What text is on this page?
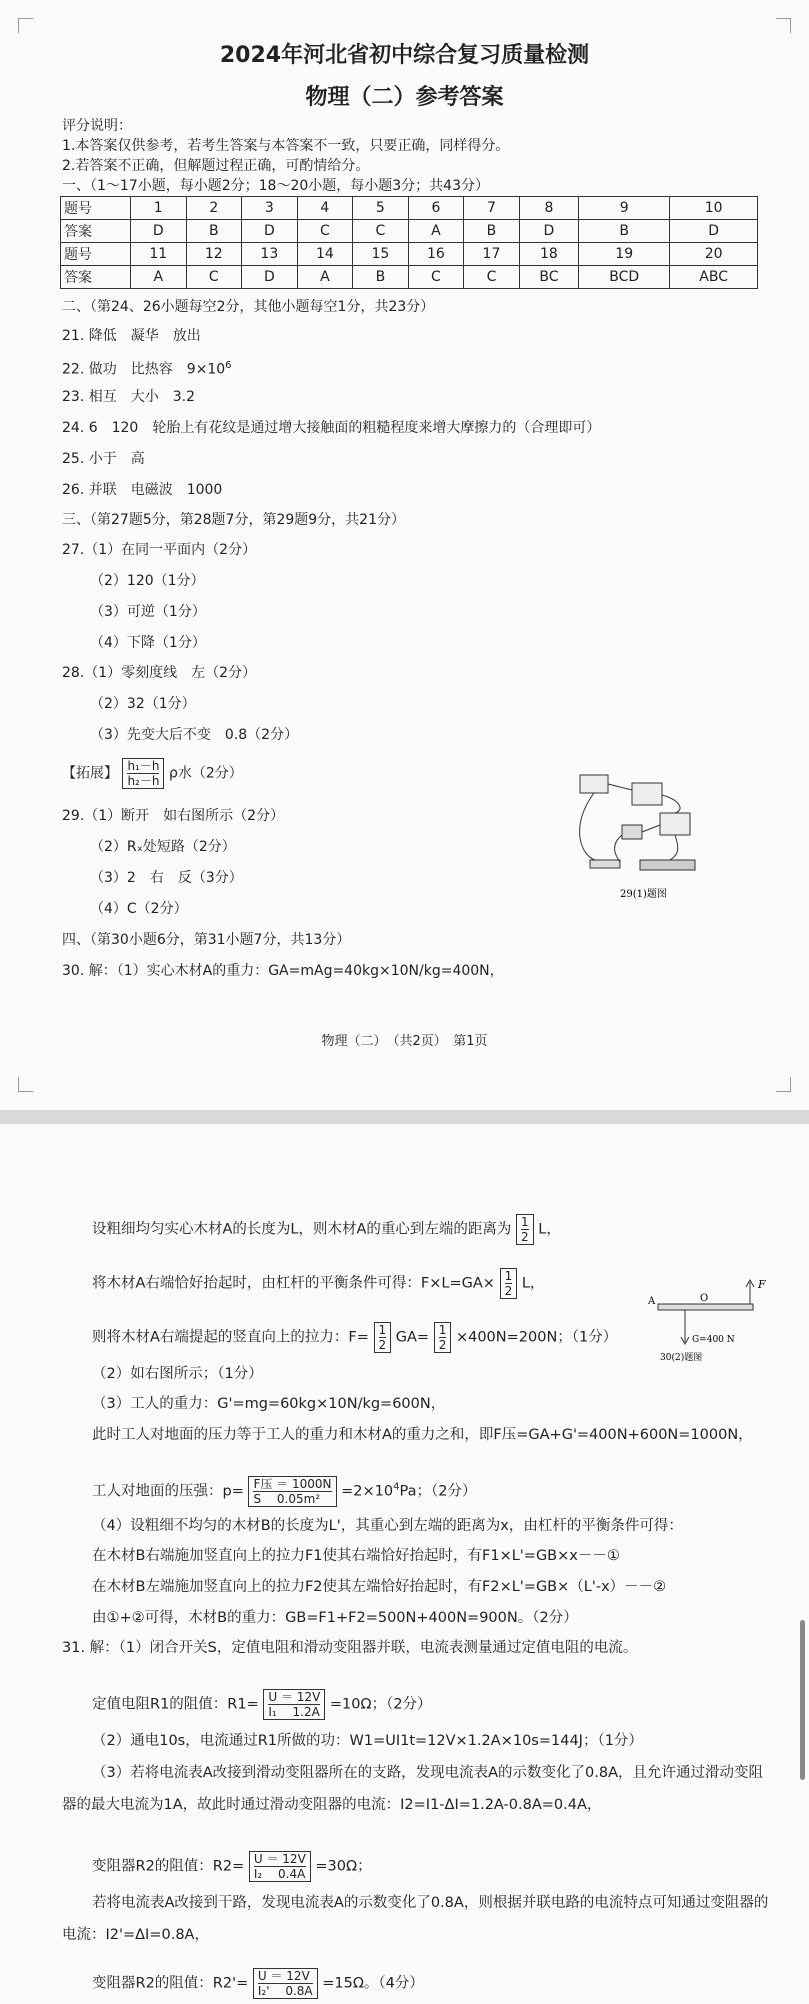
2024年河北省初中综合复习质量检测
物理（二）参考答案
评分说明：
1.本答案仅供参考，若考生答案与本答案不一致，只要正确，同样得分。
2.若答案不正确，但解题过程正确，可酌情给分。
一、（1～17小题，每小题2分；18～20小题，每小题3分；共43分）
题号	1	2	3	4	5	6	7	8	9	10
答案	D	B	D	C	C	A	B	D	B	D
题号	11	12	13	14	15	16	17	18	19	20
答案	A	C	D	A	B	C	C	BC	BCD	ABC
二、（第24、26小题每空2分，其他小题每空1分，共23分）
21. 降低　凝华　放出
22. 做功　比热容　$9\times 10^6$
23. 相互　大小　3.2
24. 6　120　轮胎上有花纹是通过增大接触面的粗糙程度来增大摩擦力的（合理即可）
25. 小于　高
26. 并联　电磁波　1000
三、（第27题5分，第28题7分，第29题9分，共21分）
27.（1）在同一平面内（2分）
（2）120（1分）
（3）可逆（1分）
（4）下降（1分）
28.（1）零刻度线　左（2分）
（2）32（1分）
（3）先变大后不变　0.8（2分）
【拓展】 $\frac{\text{h₁－h}}{\text{h₂－h}}$ ρ水（2分）
29.（1）断开　如右图所示（2分）
（2）Rₓ处短路（2分）
（3）2　右　反（3分）
（4）C（2分）
四、（第30小题6分，第31小题7分，共13分）
30. 解：（1）实心木材A的重力：GA=mAg=40kg×10N/kg=400N，
29(1)题图
物理（二）　（共2页）　第1页
设粗细均匀实心木材A的长度为L，则木材A的重心到左端的距离为 $\frac{1}{2}$ L，
将木材A右端恰好抬起时，由杠杆的平衡条件可得：$F\times L=GA\times \frac{1}{2}$ L，
则将木材A右端提起的竖直向上的拉力：$F= \frac{1}{2} GA= \frac{1}{2} \times 400N=200N$；（1分）
（2）如右图所示；（1分）
（3）工人的重力：G'=mg=60kg×10N/kg=600N，
此时工人对地面的压力等于工人的重力和木材A的重力之和，即F压=GA+G'=400N+600N=1000N，
工人对地面的压强：p= F压 ＝ 1000N
S　 0.05m²	$=2\times 10^4Pa$；（2分）
（4）设粗细不均匀的木材B的长度为L'，其重心到左端的距离为x，由杠杆的平衡条件可得：
在木材B右端施加竖直向上的拉力F1使其右端恰好抬起时，有F1×L'=GB×x－－①
在木材B左端施加竖直向上的拉力F2使其左端恰好抬起时，有F2×L'=GB×（L'-x）－－②
由①+②可得，木材B的重力：GB=F1+F2=500N+400N=900N。（2分）
31. 解：（1）闭合开关S，定值电阻和滑动变阻器并联，电流表测量通过定值电阻的电流。
定值电阻R1的阻值：$R1= \frac{U = 12V}{\text{I₁　 1.2A}} =10\Omega$；（2分）
（2）通电10s，电流通过R1所做的功：W1=UI1t=12V×1.2A×10s=144J；（1分）
（3）若将电流表A改接到滑动变阻器所在的支路，发现电流表A的示数变化了0.8A，且允许通过滑动变阻
器的最大电流为1A，故此时通过滑动变阻器的电流：I2=I1-ΔI=1.2A-0.8A=0.4A，
变阻器R2的阻值：$R2= \frac{U = 12V}{\text{I₂　 0.4A}} =30\Omega$；
若将电流表A改接到干路，发现电流表A的示数变化了0.8A，则根据并联电路的电流特点可知通过变阻器的
电流：I2'=ΔI=0.8A，
变阻器R2的阻值：$R2'= \frac{U = 12V}{\text{I₂'　 0.8A}} =15\Omega$。（4分）
F
A	O
G=400 N
30(2)题图
